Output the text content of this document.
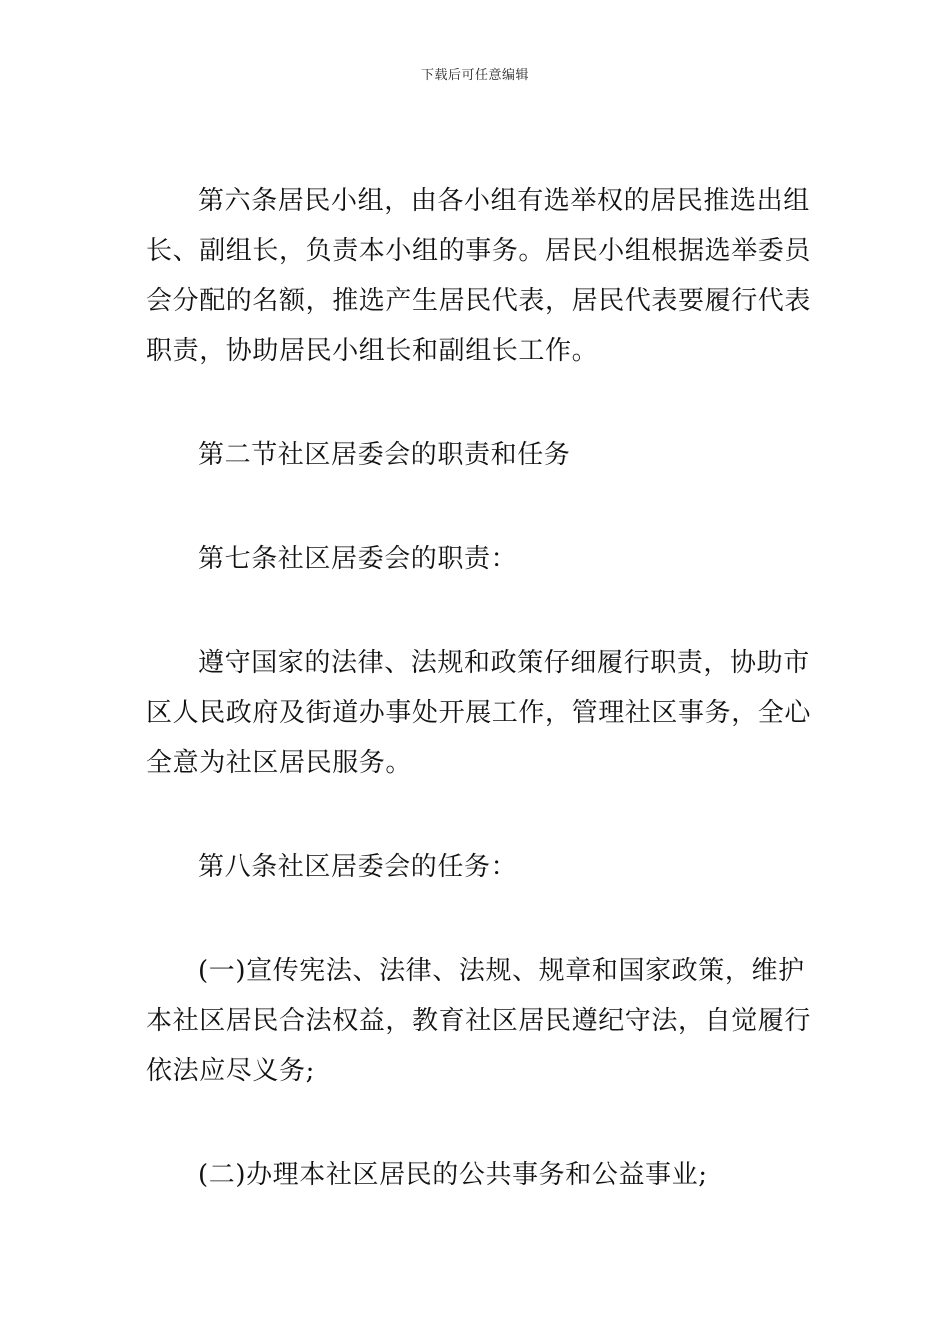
下载后可任意编辑

第六条居民小组，由各小组有选举权的居民推选出组长、副组长，负责本小组的事务。居民小组根据选举委员会分配的名额，推选产生居民代表，居民代表要履行代表职责，协助居民小组长和副组长工作。

第二节社区居委会的职责和任务

第七条社区居委会的职责：

遵守国家的法律、法规和政策仔细履行职责，协助市区人民政府及街道办事处开展工作，管理社区事务，全心全意为社区居民服务。

第八条社区居委会的任务：

(一)宣传宪法、法律、法规、规章和国家政策，维护本社区居民合法权益，教育社区居民遵纪守法，自觉履行依法应尽义务;

(二)办理本社区居民的公共事务和公益事业;
